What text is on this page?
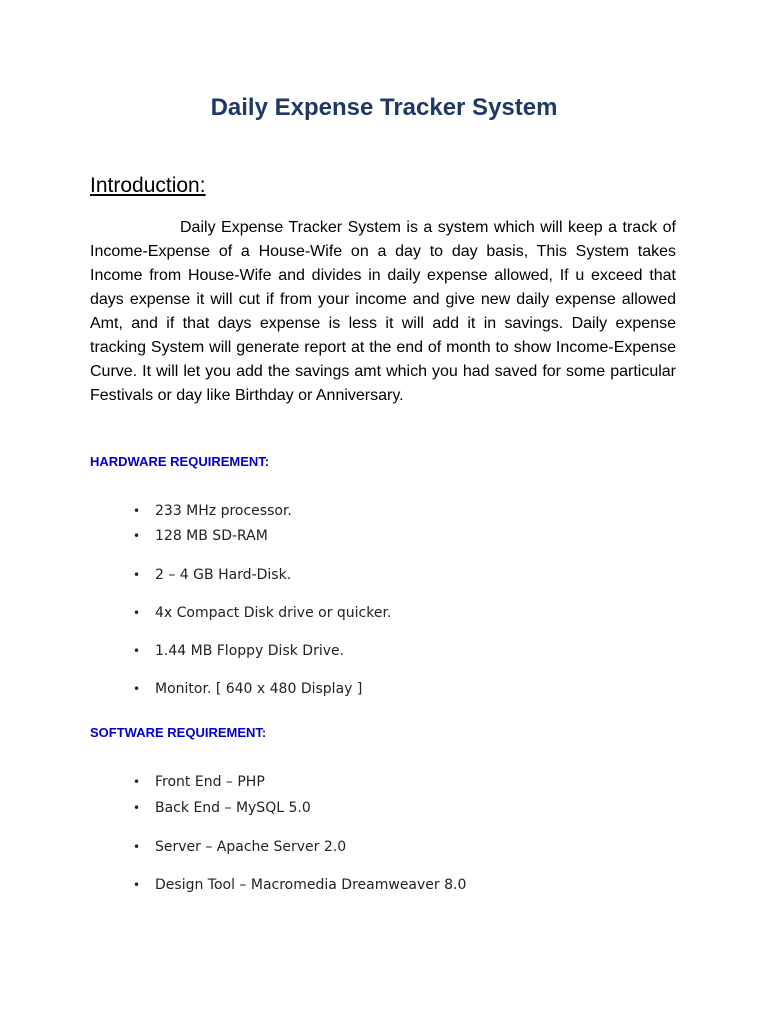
Daily Expense Tracker System
Introduction:

Daily Expense Tracker System is a system which will keep a track of Income-Expense of a House-Wife on a day to day basis, This System takes Income from House-Wife and divides in daily expense allowed, If u exceed that days expense it will cut if from your income and give new daily expense allowed Amt, and if that days expense is less it will add it in savings. Daily expense tracking System will generate report at the end of month to show Income-Expense Curve. It will let you add the savings amt which you had saved for some particular Festivals or day like Birthday or Anniversary.

HARDWARE REQUIREMENT:
• 233 MHz processor.
• 128 MB SD-RAM
• 2 – 4 GB Hard-Disk.
• 4x Compact Disk drive or quicker.
• 1.44 MB Floppy Disk Drive.
• Monitor. [ 640 x 480 Display ]
SOFTWARE REQUIREMENT:
• Front End – PHP
• Back End – MySQL 5.0
• Server – Apache Server 2.0
• Design Tool – Macromedia Dreamweaver 8.0
